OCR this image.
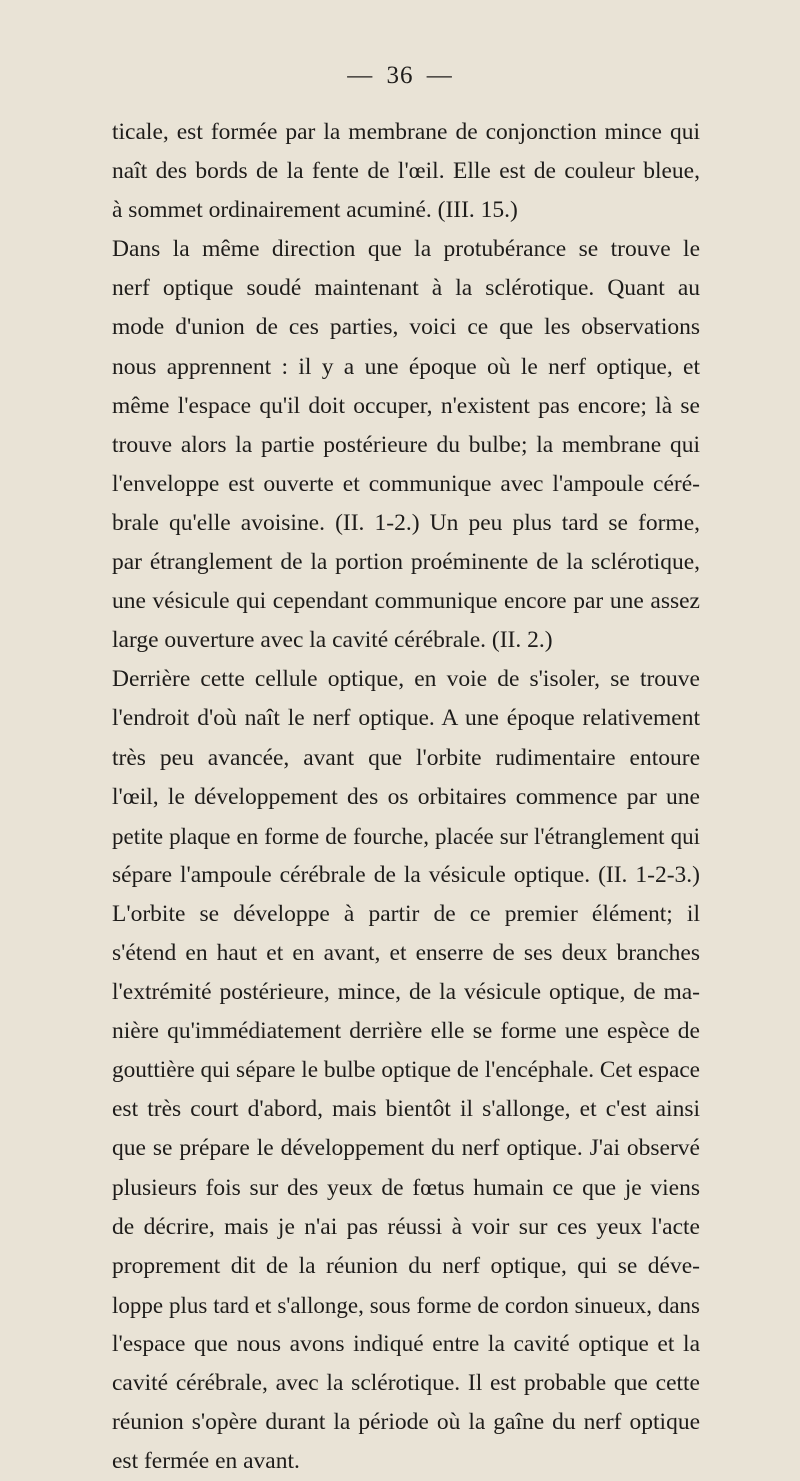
— 36 —
ticale, est formée par la membrane de conjonction mince qui
naît des bords de la fente de l'œil. Elle est de couleur bleue,
à sommet ordinairement acuminé. (III. 15.)
Dans la même direction que la protubérance se trouve le
nerf optique soudé maintenant à la sclérotique. Quant au
mode d'union de ces parties, voici ce que les observations
nous apprennent : il y a une époque où le nerf optique, et
même l'espace qu'il doit occuper, n'existent pas encore; là se
trouve alors la partie postérieure du bulbe; la membrane qui
l'enveloppe est ouverte et communique avec l'ampoule céré-
brale qu'elle avoisine. (II. 1-2.) Un peu plus tard se forme,
par étranglement de la portion proéminente de la sclérotique,
une vésicule qui cependant communique encore par une assez
large ouverture avec la cavité cérébrale. (II. 2.)
Derrière cette cellule optique, en voie de s'isoler, se trouve
l'endroit d'où naît le nerf optique. A une époque relativement
très peu avancée, avant que l'orbite rudimentaire entoure
l'œil, le développement des os orbitaires commence par une
petite plaque en forme de fourche, placée sur l'étranglement qui
sépare l'ampoule cérébrale de la vésicule optique. (II. 1-2-3.)
L'orbite se développe à partir de ce premier élément; il
s'étend en haut et en avant, et enserre de ses deux branches
l'extrémité postérieure, mince, de la vésicule optique, de ma-
nière qu'immédiatement derrière elle se forme une espèce de
gouttière qui sépare le bulbe optique de l'encéphale. Cet espace
est très court d'abord, mais bientôt il s'allonge, et c'est ainsi
que se prépare le développement du nerf optique. J'ai observé
plusieurs fois sur des yeux de fœtus humain ce que je viens
de décrire, mais je n'ai pas réussi à voir sur ces yeux l'acte
proprement dit de la réunion du nerf optique, qui se déve-
loppe plus tard et s'allonge, sous forme de cordon sinueux, dans
l'espace que nous avons indiqué entre la cavité optique et la
cavité cérébrale, avec la sclérotique. Il est probable que cette
réunion s'opère durant la période où la gaîne du nerf optique
est fermée en avant.
